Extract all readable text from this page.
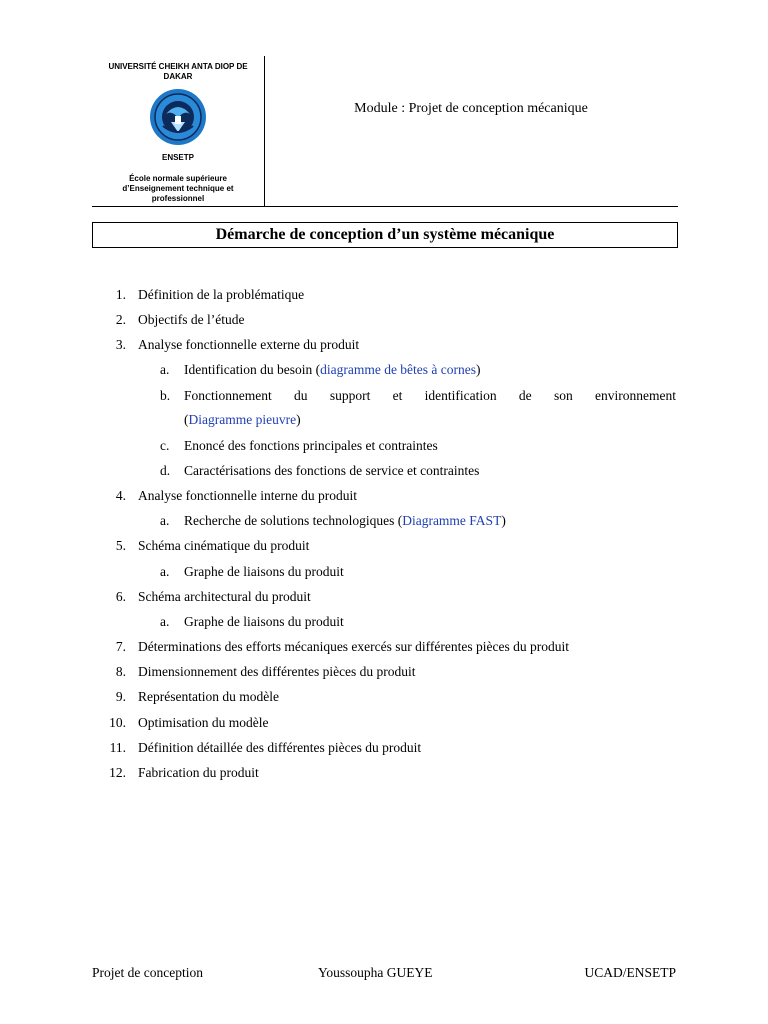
UNIVERSITÉ CHEIKH ANTA DIOP DE DAKAR
ENSETP
École normale supérieure d’Enseignement technique et professionnel
Module : Projet de conception mécanique
Démarche de conception d’un système mécanique
1. Définition de la problématique
2. Objectifs de l’étude
3. Analyse fonctionnelle externe du produit
a. Identification du besoin (diagramme de bêtes à cornes)
b. Fonctionnement du support et identification de son environnement
(Diagramme pieuvre)
c. Enoncé des fonctions principales et contraintes
d. Caractérisations des fonctions de service et contraintes
4. Analyse fonctionnelle interne du produit
a. Recherche de solutions technologiques (Diagramme FAST)
5. Schéma cinématique du produit
a. Graphe de liaisons du produit
6. Schéma architectural du produit
a. Graphe de liaisons du produit
7. Déterminations des efforts mécaniques exercés sur différentes pièces du produit
8. Dimensionnement des différentes pièces du produit
9. Représentation du modèle
10. Optimisation du modèle
11. Définition détaillée des différentes pièces du produit
12. Fabrication du produit
Projet de conception	Youssoupha GUEYE	UCAD/ENSETP
